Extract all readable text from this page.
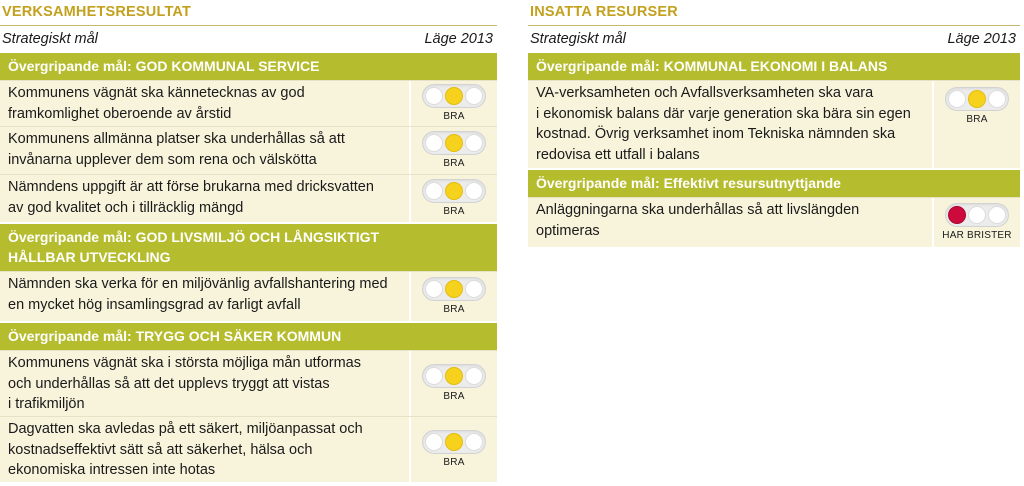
VERKSAMHETSRESULTAT
Strategiskt mål	Läge 2013
Övergripande mål: GOD KOMMUNAL SERVICE
Kommunens vägnät ska kännetecknas av god
framkomlighet oberoende av årstid	BRA
Kommunens allmänna platser ska underhållas så att
invånarna upplever dem som rena och välskötta	BRA
Nämndens uppgift är att förse brukarna med dricksvatten
av god kvalitet och i tillräcklig mängd	BRA
Övergripande mål: GOD LIVSMILJÖ OCH LÅNGSIKTIGT
HÅLLBAR UTVECKLING
Nämnden ska verka för en miljövänlig avfallshantering med
en mycket hög insamlingsgrad av farligt avfall	BRA
Övergripande mål: TRYGG OCH SÄKER KOMMUN
Kommunens vägnät ska i största möjliga mån utformas
och underhållas så att det upplevs tryggt att vistas
i trafikmiljön	BRA
Dagvatten ska avledas på ett säkert, miljöanpassat och
kostnadseffektivt sätt så att säkerhet, hälsa och
ekonomiska intressen inte hotas	BRA
INSATTA RESURSER
Strategiskt mål	Läge 2013
Övergripande mål: KOMMUNAL EKONOMI I BALANS
VA-verksamheten och Avfallsverksamheten ska vara
i ekonomisk balans där varje generation ska bära sin egen
kostnad. Övrig verksamhet inom Tekniska nämnden ska
redovisa ett utfall i balans
BRA
Övergripande mål: Effektivt resursutnyttjande
Anläggningarna ska underhållas så att livslängden optimeras	HAR BRISTER
